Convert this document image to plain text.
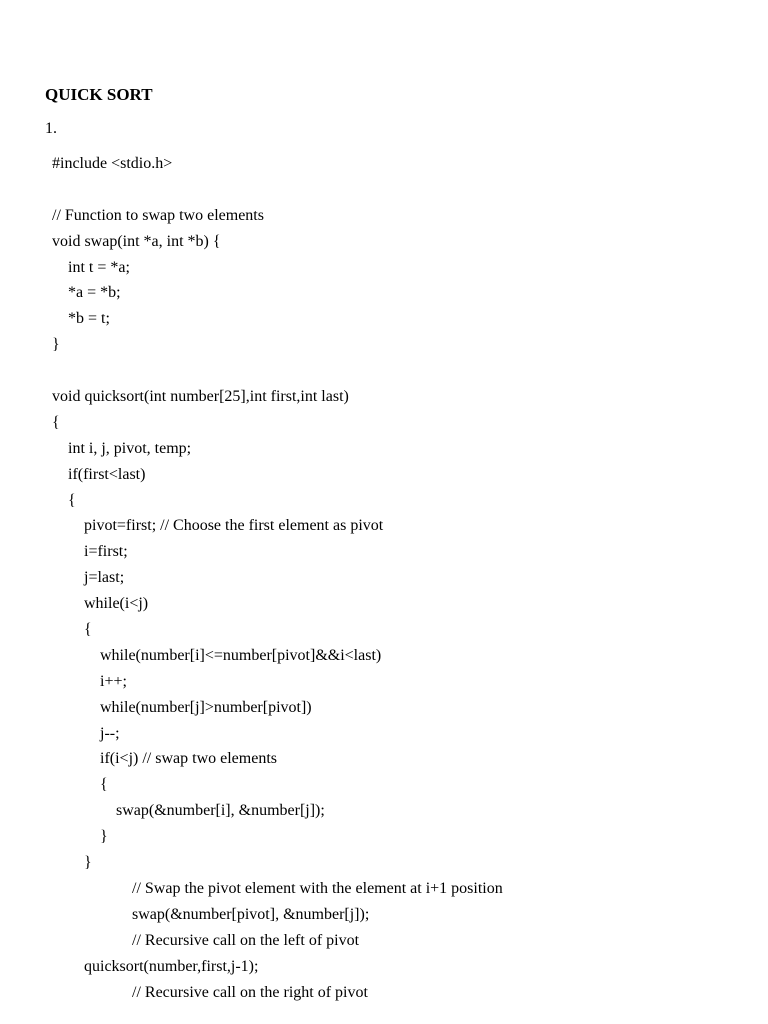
QUICK SORT
1.
#include <stdio.h>
// Function to swap two elements
void swap(int *a, int *b) {
int t = *a;
*a = *b;
*b = t;
}
void quicksort(int number[25],int first,int last)
{
int i, j, pivot, temp;
if(first<last)
{
pivot=first; // Choose the first element as pivot
i=first;
j=last;
while(i<j)
{
while(number[i]<=number[pivot]&&i<last)
i++;
while(number[j]>number[pivot])
j--;
if(i<j) // swap two elements
{
swap(&number[i], &number[j]);
}
}
// Swap the pivot element with the element at i+1 position
swap(&number[pivot], &number[j]);
// Recursive call on the left of pivot
quicksort(number,first,j-1);
// Recursive call on the right of pivot
